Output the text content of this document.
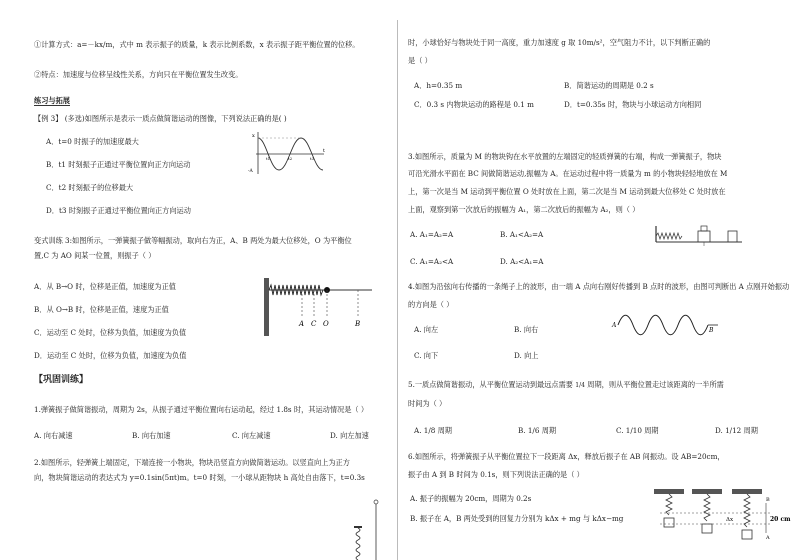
①计算方式：a=－kx/m，式中 m 表示振子的质量，k 表示比例系数，x 表示振子距平衡位置的位移。
②特点：加速度与位移呈线性关系，方向只在平衡位置发生改变。
练习与拓展
【例 3】 (多选)如图所示是表示一质点做简谐运动的图像，下列说法正确的是( )
A．t=0 时振子的加速度最大
B．t1 时刻振子正通过平衡位置向正方向运动
C．t2 时刻振子的位移最大
D．t3 时刻振子正通过平衡位置向正方向运动
x
t
-A
t1	t2	t3
变式训练 3:如图所示，一弹簧振子做等幅振动，取向右为正，A、B 两处为最大位移处，O 为平衡位
置,C 为 AO 间某一位置，则振子（ ）
A．从 B→O 时，位移是正值，加速度为正值
B．从 O→B 时，位移是正值，速度为正值
C．运动至 C 处时，位移为负值，加速度为负值
D．运动至 C 处时，位移为负值，加速度为负值
A C O	B
【巩固训练】
1.弹簧振子做简谐振动，周期为 2s，从振子通过平衡位置向右运动起，经过 1.8s 时，其运动情况是（ ）
A. 向右减速	B. 向右加速	C. 向左减速	D. 向左加速
2.如图所示，轻弹簧上端固定，下端连接一小物块，物块沿竖直方向做简谐运动。以竖直向上为正方
向，物块简谐运动的表达式为 y=0.1sin(5πt)m。t=0 时刻，一小球从距物块 h 高处自由落下，t=0.3s
时，小球恰好与物块处于同一高度，重力加速度 g 取 10m/s²，空气阻力不计，以下判断正确的
是（ ）
A．h=0.35 m	B．简谐运动的周期是 0.2 s
C．0.3 s 内物块运动的路程是 0.1 m	D．t=0.35s 时，物块与小球运动方向相同
3.如图所示，质量为 M 的物块钩在水平放置的左端固定的轻质弹簧的右端，构成一弹簧振子，物块
可沿光滑水平面在 BC 间做简谐运动,振幅为 A。在运动过程中将一质量为 m 的小物块轻轻地放在 M
上，第一次是当 M 运动到平衡位置 O 处时放在上面，第二次是当 M 运动到最大位移处 C 处时放在
上面，观察到第一次放后的振幅为 A₁，第二次放后的振幅为 A₂，则（ ）
A. A₁=A₂=A	B. A₁<A₂=A
C. A₁=A₂<A	D. A₂<A₁=A
4.如图为沿弦向右传播的一条绳子上的波形，由一端 A 点向右刚好传播到 B 点时的波形，由图可判断出 A 点刚开始振动
的方向是（ ）
A. 向左	B. 向右
C. 向下	D. 向上
A
B
5.一质点做简谐振动，从平衡位置运动到最远点需要 1/4 周期，则从平衡位置走过该距离的一半所需
时间为（ ）
A. 1/8 周期	B. 1/6 周期	C. 1/10 周期	D. 1/12 周期
6.如图所示，将弹簧振子从平衡位置拉下一段距离 Δx，释放后振子在 AB 间振动。设 AB=20cm，
振子由 A 到 B 时间为 0.1s，则下列说法正确的是（ ）
A. 振子的振幅为 20cm，周期为 0.2s
B. 振子在 A，B 两处受到的回复力分别为 kΔx + mg 与 kΔx−mg
B
A
Δx	20 cm
